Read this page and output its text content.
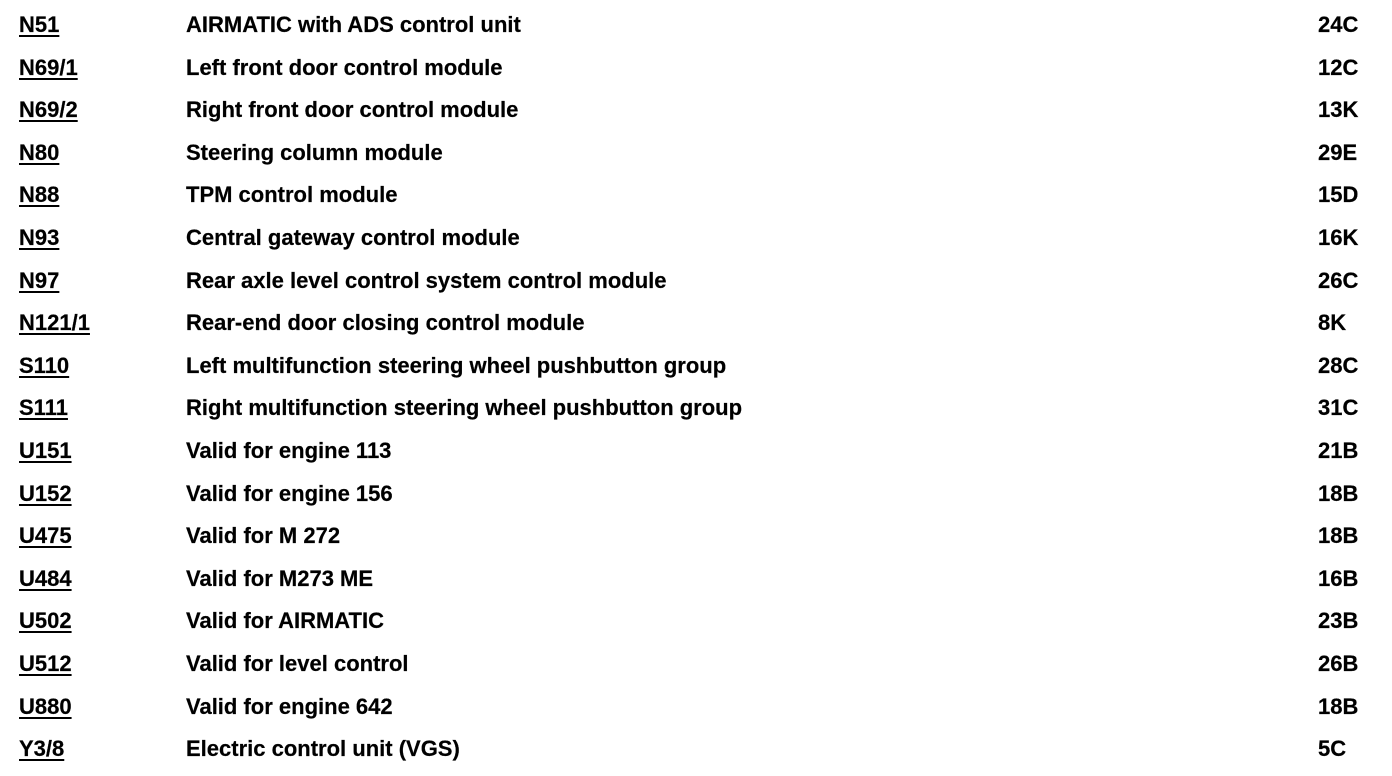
N51	AIRMATIC with ADS control unit	24C
N69/1	Left front door control module	12C
N69/2	Right front door control module	13K
N80	Steering column module	29E
N88	TPM control module	15D
N93	Central gateway control module	16K
N97	Rear axle level control system control module	26C
N121/1	Rear-end door closing control module	8K
S110	Left multifunction steering wheel pushbutton group	28C
S111	Right multifunction steering wheel pushbutton group	31C
U151	Valid for engine 113	21B
U152	Valid for engine 156	18B
U475	Valid for M 272	18B
U484	Valid for M273 ME	16B
U502	Valid for AIRMATIC	23B
U512	Valid for level control	26B
U880	Valid for engine 642	18B
Y3/8	Electric control unit (VGS)	5C
